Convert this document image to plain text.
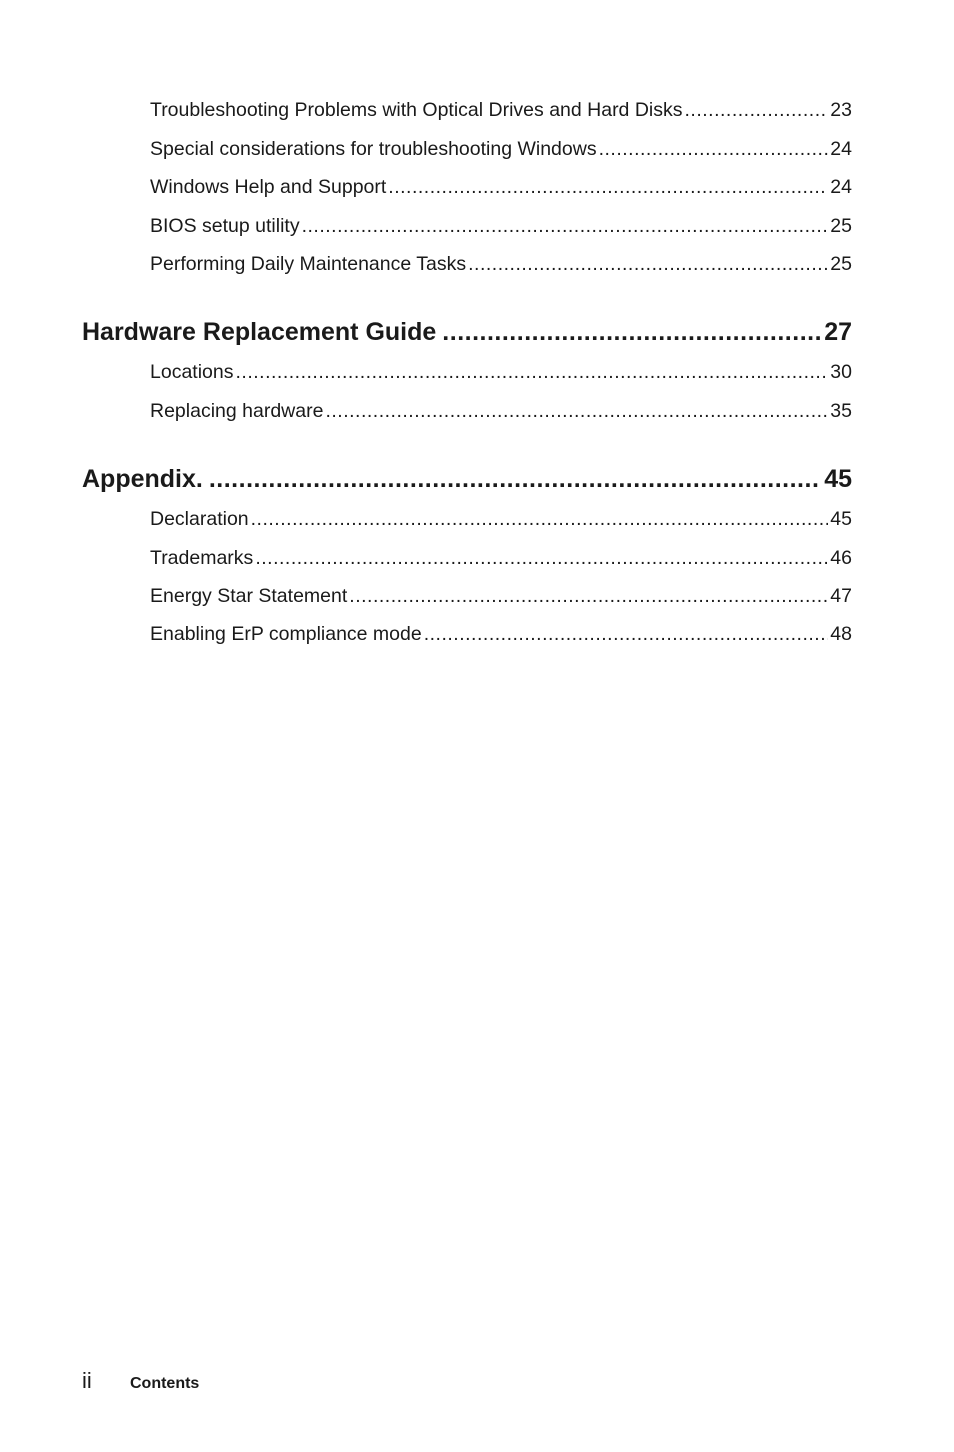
Troubleshooting Problems with Optical Drives and Hard Disks .....	23
Special considerations for troubleshooting Windows .....	24
Windows Help and Support .....	24
BIOS setup utility .....	25
Performing Daily Maintenance Tasks .....	25
Hardware Replacement Guide .....	27
Locations .....	30
Replacing hardware .....	35
Appendix. .....	45
Declaration .....	45
Trademarks .....	46
Energy Star Statement .....	47
Enabling ErP compliance mode .....	48
ii	Contents
